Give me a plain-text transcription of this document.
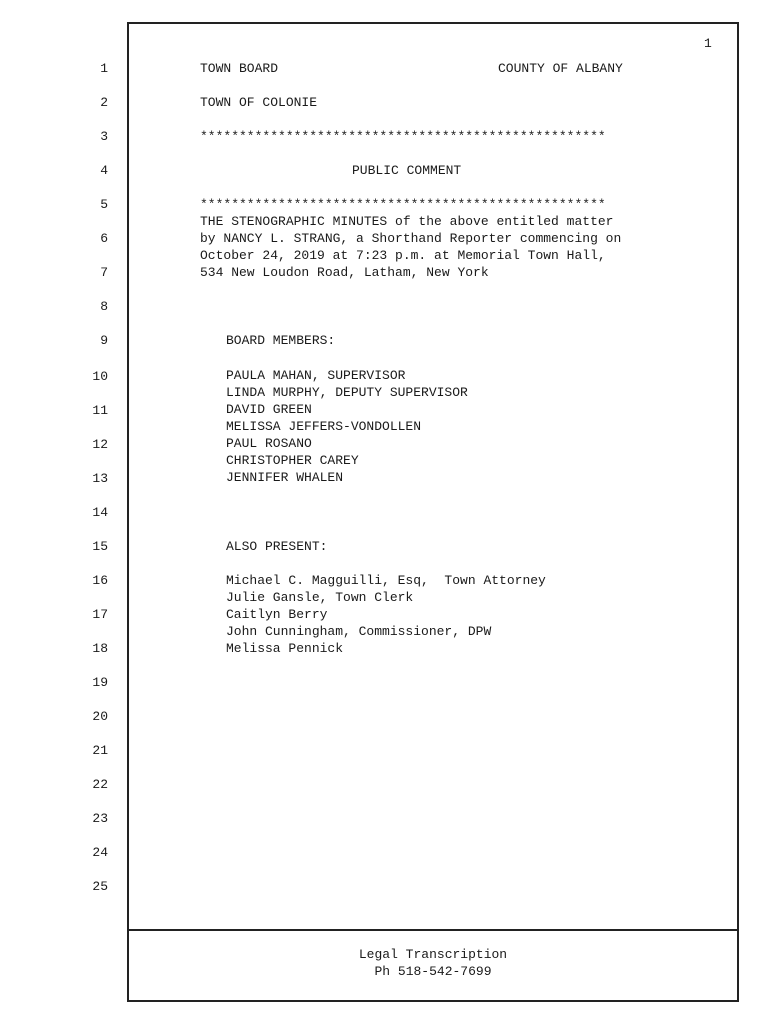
1
1
2
3
4
5
6
7
8
9
10
11
12
13
14
15
16
17
18
19
20
21
22
23
24
25
TOWN BOARD	COUNTY OF ALBANY
TOWN OF COLONIE
****************************************************
PUBLIC COMMENT
****************************************************
THE STENOGRAPHIC MINUTES of the above entitled matter
by NANCY L. STRANG, a Shorthand Reporter commencing on
October 24, 2019 at 7:23 p.m. at Memorial Town Hall,
534 New Loudon Road, Latham, New York
BOARD MEMBERS:
PAULA MAHAN, SUPERVISOR
LINDA MURPHY, DEPUTY SUPERVISOR
DAVID GREEN
MELISSA JEFFERS-VONDOLLEN
PAUL ROSANO
CHRISTOPHER CAREY
JENNIFER WHALEN
ALSO PRESENT:
Michael C. Magguilli, Esq,  Town Attorney
Julie Gansle, Town Clerk
Caitlyn Berry
John Cunningham, Commissioner, DPW
Melissa Pennick
Legal Transcription
Ph 518-542-7699
